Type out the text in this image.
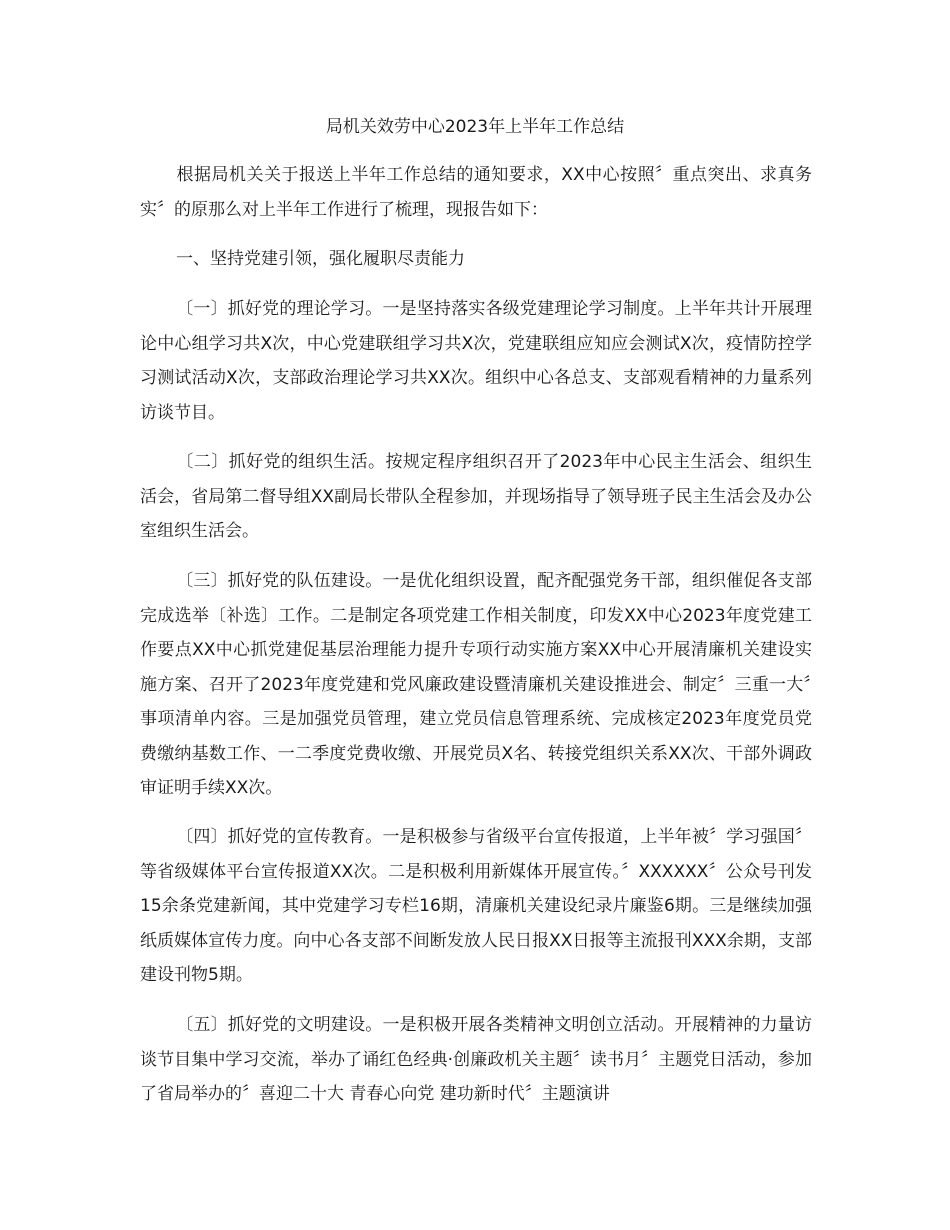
局机关效劳中心2023年上半年工作总结
根据局机关关于报送上半年工作总结的通知要求，XX中心按照〞重点突出、求真务实〞的原那么对上半年工作进行了梳理，现报告如下：
一、坚持党建引领，强化履职尽责能力
〔一〕抓好党的理论学习。一是坚持落实各级党建理论学习制度。上半年共计开展理论中心组学习共X次，中心党建联组学习共X次，党建联组应知应会测试X次，疫情防控学习测试活动X次，支部政治理论学习共XX次。组织中心各总支、支部观看精神的力量系列访谈节目。
〔二〕抓好党的组织生活。按规定程序组织召开了2023年中心民主生活会、组织生活会，省局第二督导组XX副局长带队全程参加，并现场指导了领导班子民主生活会及办公室组织生活会。
〔三〕抓好党的队伍建设。一是优化组织设置，配齐配强党务干部，组织催促各支部完成选举〔补选〕工作。二是制定各项党建工作相关制度，印发XX中心2023年度党建工作要点XX中心抓党建促基层治理能力提升专项行动实施方案XX中心开展清廉机关建设实施方案、召开了2023年度党建和党风廉政建设暨清廉机关建设推进会、制定〞三重一大〞事项清单内容。三是加强党员管理，建立党员信息管理系统、完成核定2023年度党员党费缴纳基数工作、一二季度党费收缴、开展党员X名、转接党组织关系XX次、干部外调政审证明手续XX次。
〔四〕抓好党的宣传教育。一是积极参与省级平台宣传报道，上半年被〞学习强国〞等省级媒体平台宣传报道XX次。二是积极利用新媒体开展宣传。〞XXXXXX〞公众号刊发15余条党建新闻，其中党建学习专栏16期，清廉机关建设纪录片廉鉴6期。三是继续加强纸质媒体宣传力度。向中心各支部不间断发放人民日报XX日报等主流报刊XXX余期，支部建设刊物5期。
〔五〕抓好党的文明建设。一是积极开展各类精神文明创立活动。开展精神的力量访谈节目集中学习交流，举办了诵红色经典·创廉政机关主题〞读书月〞主题党日活动，参加了省局举办的〞喜迎二十大 青春心向党 建功新时代〞主题演讲
